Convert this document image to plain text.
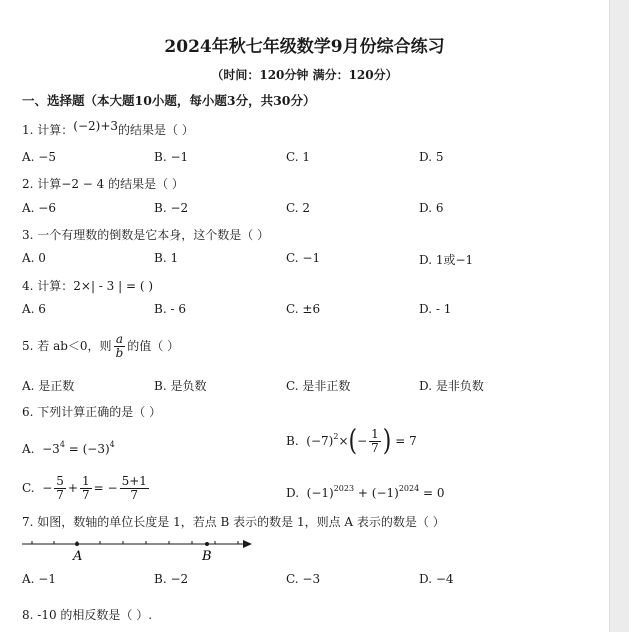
2024年秋七年级数学9月份综合练习
（时间：120分钟 满分：120分）
一、选择题（本大题10小题，每小题3分，共30分）
1. 计算：(−2)+3的结果是（ ）
A. −5	B. −1	C. 1	D. 5
2. 计算−2 − 4 的结果是（ ）
A. −6	B. −2	C. 2	D. 6
3. 一个有理数的倒数是它本身，这个数是（ ）
A. 0	B. 1	C. −1	D. 1或−1
4. 计算：2×| - 3 | = ( )
A. 6	B. - 6	C. ±6	D. - 1
5. 若 ab＜0，则 $\frac{a}{b}$ 的值（ ）
A. 是正数	B. 是负数	C. 是非正数	D. 是非负数
6. 下列计算正确的是（ ）
A. $-3^4 = (-3)^4$	B. $(-7)^2\times(- \frac{1}{7}$ ) = 7
C. − $\frac{5}{7} + \frac{1}{7}$ = − $\frac{5+1}{7}$	D. $(-1)^{2023} + (-1)^{2024} = 0$
7. 如图，数轴的单位长度是 1，若点 B 表示的数是 1，则点 A 表示的数是（ ）
A	B
A. −1	B. −2	C. −3	D. −4
8. -10 的相反数是（ ）.
